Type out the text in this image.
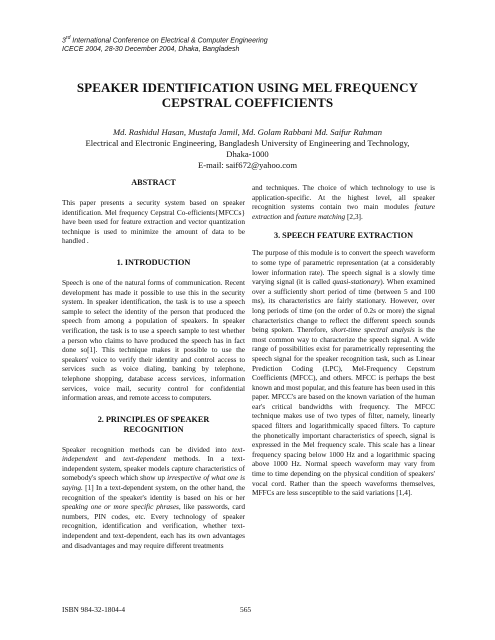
3rd International Conference on Electrical & Computer Engineering
ICECE 2004, 28-30 December 2004, Dhaka, Bangladesh
SPEAKER IDENTIFICATION USING MEL FREQUENCY
CEPSTRAL COEFFICIENTS
Md. Rashidul Hasan, Mustafa Jamil, Md. Golam Rabbani Md. Saifur Rahman
Electrical and Electronic Engineering, Bangladesh University of Engineering and Technology,
Dhaka-1000
E-mail: saif672@yahoo.com
ABSTRACT

This paper presents a security system based on speaker identification. Mel frequency Cepstral Co-efficients{MFCCs} have been used for feature extraction and vector quantization technique is used to minimize the amount of data to be handled .

1. INTRODUCTION

Speech is one of the natural forms of communication. Recent development has made it possible to use this in the security system. In speaker identification, the task is to use a speech sample to select the identity of the person that produced the speech from among a population of speakers. In speaker verification, the task is to use a speech sample to test whether a person who claims to have produced the speech has in fact done so[1]. This technique makes it possible to use the speakers' voice to verify their identity and control access to services such as voice dialing, banking by telephone, telephone shopping, database access services, information services, voice mail, security control for confidential information areas, and remote access to computers.

2. PRINCIPLES OF SPEAKER
RECOGNITION

Speaker recognition methods can be divided into text-independent and text-dependent methods. In a text-independent system, speaker models capture characteristics of somebody's speech which show up irrespective of what one is saying. [1] In a text-dependent system, on the other hand, the recognition of the speaker's identity is based on his or her speaking one or more specific phrases, like passwords, card numbers, PIN codes, etc. Every technology of speaker recognition, identification and verification, whether text-independent and text-dependent, each has its own advantages and disadvantages and may require different treatments

and techniques. The choice of which technology to use is application-specific. At the highest level, all speaker recognition systems contain two main modules feature extraction and feature matching [2,3].

3. SPEECH FEATURE EXTRACTION

The purpose of this module is to convert the speech waveform to some type of parametric representation (at a considerably lower information rate). The speech signal is a slowly time varying signal (it is called quasi-stationary). When examined over a sufficiently short period of time (between 5 and 100 ms), its characteristics are fairly stationary. However, over long periods of time (on the order of 0.2s or more) the signal characteristics change to reflect the different speech sounds being spoken. Therefore, short-time spectral analysis is the most common way to characterize the speech signal. A wide range of possibilities exist for parametrically representing the speech signal for the speaker recognition task, such as Linear Prediction Coding (LPC), Mel-Frequency Cepstrum Coefficients (MFCC), and others. MFCC is perhaps the best known and most popular, and this feature has been used in this paper. MFCC's are based on the known variation of the human ear's critical bandwidths with frequency. The MFCC technique makes use of two types of filter, namely, linearly spaced filters and logarithmically spaced filters. To capture the phonetically important characteristics of speech, signal is expressed in the Mel frequency scale. This scale has a linear frequency spacing below 1000 Hz and a logarithmic spacing above 1000 Hz. Normal speech waveform may vary from time to time depending on the physical condition of speakers' vocal cord. Rather than the speech waveforms themselves, MFFCs are less susceptible to the said variations [1,4].

ISBN 984-32-1804-4	565
